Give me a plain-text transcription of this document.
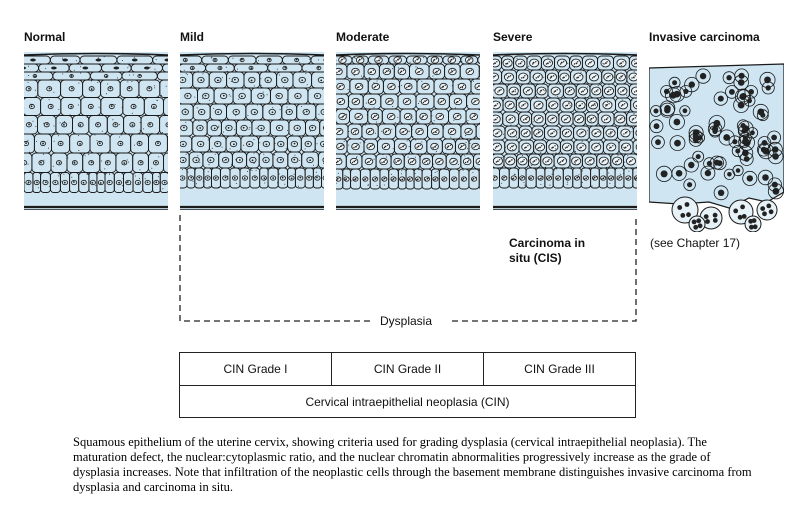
Normal	Mild	Moderate	Severe	Invasive carcinoma
Carcinoma in
situ (CIS)
(see Chapter 17)
Dysplasia
CIN Grade I	CIN Grade II	CIN Grade III
Cervical intraepithelial neoplasia (CIN)
Squamous epithelium of the uterine cervix, showing criteria used for grading dysplasia (cervical intraepithelial neoplasia). The maturation defect, the nuclear:cytoplasmic ratio, and the nuclear chromatin abnormalities progressively increase as the grade of dysplasia increases. Note that infiltration of the neoplastic cells through the basement membrane distinguishes invasive carcinoma from dysplasia and carcinoma in situ.
